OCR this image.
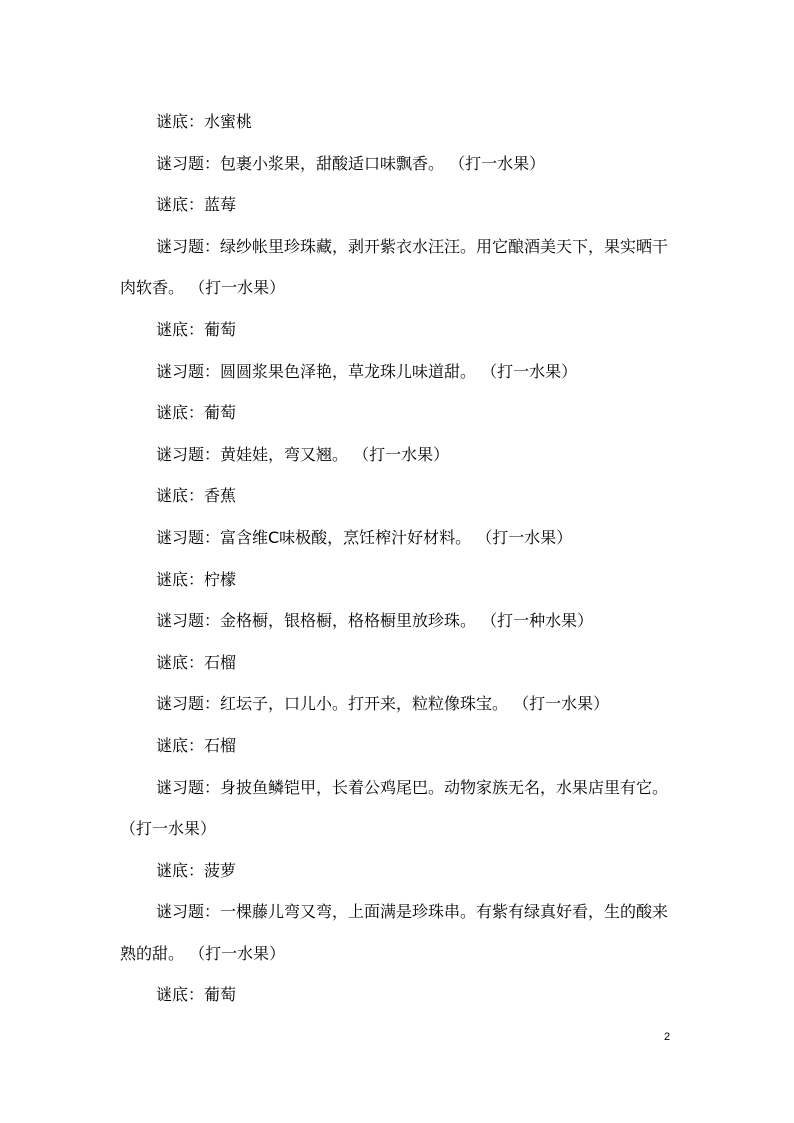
谜底：水蜜桃

谜习题：包裹小浆果，甜酸适口味飘香。 （打一水果）

谜底：蓝莓

谜习题：绿纱帐里珍珠藏，剥开紫衣水汪汪。用它酿酒美天下，果实晒干肉软香。 （打一水果）

谜底：葡萄

谜习题：圆圆浆果色泽艳，草龙珠儿味道甜。 （打一水果）

谜底：葡萄

谜习题：黄娃娃，弯又翘。 （打一水果）

谜底：香蕉

谜习题：富含维C味极酸，烹饪榨汁好材料。 （打一水果）

谜底：柠檬

谜习题：金格橱，银格橱，格格橱里放珍珠。 （打一种水果）

谜底：石榴

谜习题：红坛子，口儿小。打开来，粒粒像珠宝。 （打一水果）

谜底：石榴

谜习题：身披鱼鳞铠甲，长着公鸡尾巴。动物家族无名，水果店里有它。 （打一水果）

谜底：菠萝

谜习题：一棵藤儿弯又弯，上面满是珍珠串。有紫有绿真好看，生的酸来熟的甜。 （打一水果）

谜底：葡萄

2
